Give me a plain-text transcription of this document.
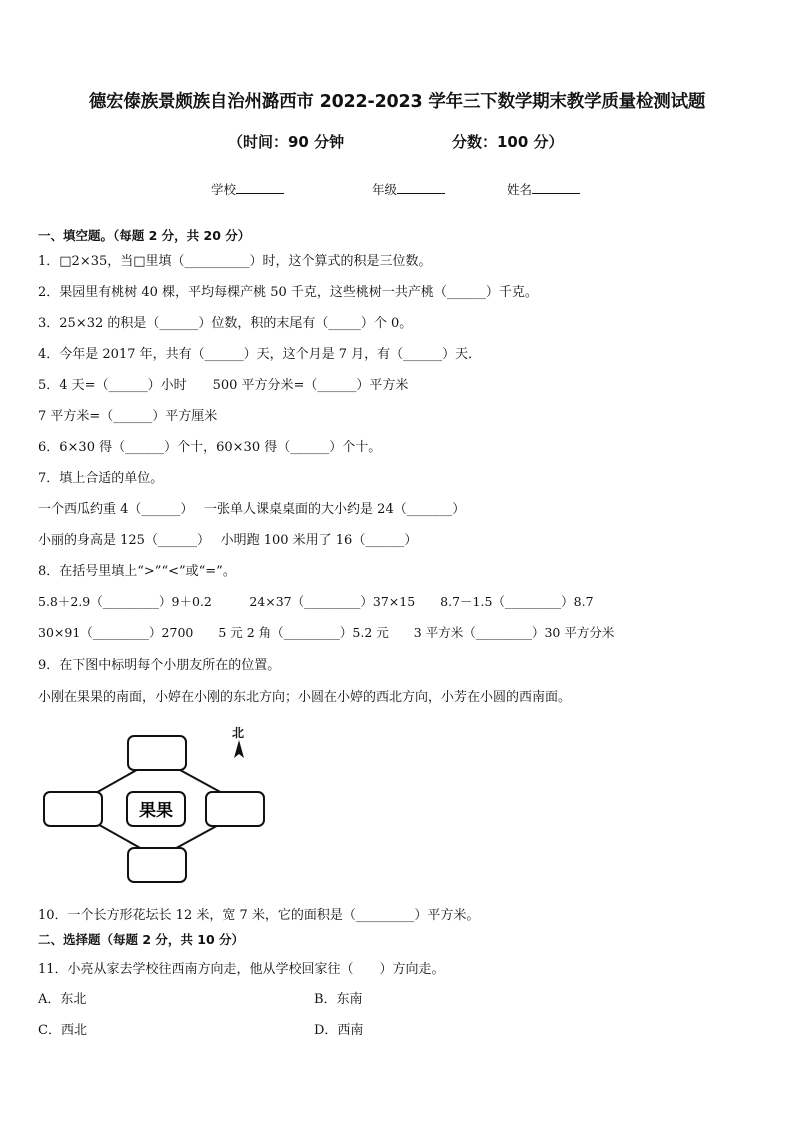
德宏傣族景颇族自治州潞西市 2022-2023 学年三下数学期末教学质量检测试题
（时间：90 分钟	分数：100 分）
学校	年级	姓名
一、填空题。（每题 2 分，共 20 分）
1．□2×35，当□里填（__________）时，这个算式的积是三位数。
2．果园里有桃树 40 棵，平均每棵产桃 50 千克，这些桃树一共产桃（______）千克。
3．25×32 的积是（______）位数，积的末尾有（_____）个 0。
4．今年是 2017 年，共有（______）天，这个月是 7 月，有（______）天．
5．4 天=（______）小时　　500 平方分米=（______）平方米
7 平方米=（______）平方厘米
6．6×30 得（______）个十，60×30 得（______）个十。
7．填上合适的单位。
一个西瓜约重 4（______）　 一张单人课桌桌面的大小约是 24（_______）
小丽的身高是 125（______）　 小明跑 100 米用了 16（______）
8．在括号里填上“>”“<”或“=”。
5.8＋2.9（_________）9＋0.2　　　24×37（_________）37×15　　8.7－1.5（_________）8.7
30×91（_________）2700　　5 元 2 角（_________）5.2 元　　3 平方米（_________）30 平方分米
9．在下图中标明每个小朋友所在的位置。
小刚在果果的南面，小婷在小刚的东北方向；小圆在小婷的西北方向，小芳在小圆的西南面。
果果
北
10．一个长方形花坛长 12 米，宽 7 米，它的面积是（_________）平方米。
二、选择题（每题 2 分，共 10 分）
11．小亮从家去学校往西南方向走，他从学校回家往（　　）方向走。
A．东北	B．东南
C．西北	D．西南
